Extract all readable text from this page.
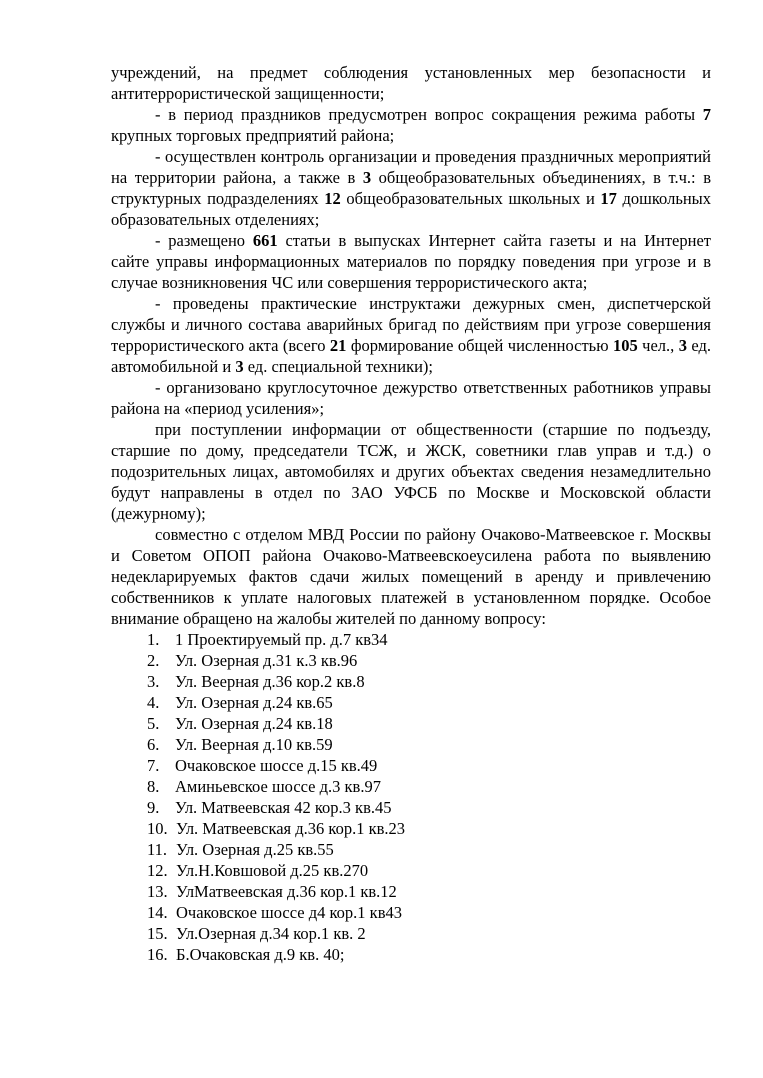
учреждений, на предмет соблюдения установленных мер безопасности и антитеррористической защищенности;

- в период праздников предусмотрен вопрос сокращения режима работы 7 крупных торговых предприятий района;

- осуществлен контроль организации и проведения праздничных мероприятий на территории района, а также в 3 общеобразовательных объединениях, в т.ч.: в структурных подразделениях 12 общеобразовательных школьных и 17 дошкольных образовательных отделениях;

- размещено 661 статьи в выпусках Интернет сайта газеты и на Интернет сайте управы информационных материалов по порядку поведения при угрозе и в случае возникновения ЧС или совершения террористического акта;

- проведены практические инструктажи дежурных смен, диспетчерской службы и личного состава аварийных бригад по действиям при угрозе совершения террористического акта (всего 21 формирование общей численностью 105 чел., 3 ед. автомобильной и 3 ед. специальной техники);

- организовано круглосуточное дежурство ответственных работников управы района на «период усиления»;

при поступлении информации от общественности (старшие по подъезду, старшие по дому, председатели ТСЖ, и ЖСК, советники глав управ и т.д.) о подозрительных лицах, автомобилях и других объектах сведения незамедлительно будут направлены в отдел по ЗАО УФСБ по Москве и Московской области (дежурному);

совместно с отделом МВД России по району Очаково-Матвеевское г. Москвы и Советом ОПОП района Очаково-Матвеевскоеусилена работа по выявлению недекларируемых фактов сдачи жилых помещений в аренду и привлечению собственников к уплате налоговых платежей в установленном порядке. Особое внимание обращено на жалобы жителей по данному вопросу:

1. 1 Проектируемый пр. д.7 кв34
2. Ул. Озерная д.31 к.3 кв.96
3. Ул. Веерная д.36 кор.2 кв.8
4. Ул. Озерная д.24 кв.65
5. Ул. Озерная д.24 кв.18
6. Ул. Веерная д.10 кв.59
7. Очаковское шоссе д.15 кв.49
8. Аминьевское шоссе д.3 кв.97
9. Ул. Матвеевская 42 кор.3 кв.45
10. Ул. Матвеевская д.36 кор.1 кв.23
11. Ул. Озерная д.25 кв.55
12. Ул.Н.Ковшовой д.25 кв.270
13. УлМатвеевская д.36 кор.1 кв.12
14. Очаковское шоссе д4 кор.1 кв43
15. Ул.Озерная д.34 кор.1 кв. 2
16. Б.Очаковская д.9 кв. 40;
